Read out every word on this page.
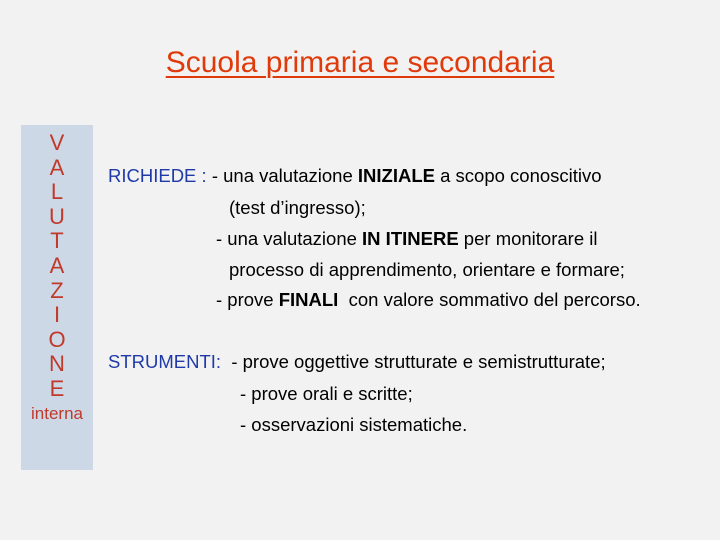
Scuola primaria e secondaria
V
A
L
U
T
A
Z
I
O
N
E
interna
RICHIEDE : - una valutazione INIZIALE a scopo conoscitivo
(test d’ingresso);
- una valutazione IN ITINERE per monitorare il
processo di apprendimento, orientare e formare;
- prove FINALI  con valore sommativo del percorso.
STRUMENTI:  - prove oggettive strutturate e semistrutturate;
- prove orali e scritte;
- osservazioni sistematiche.
